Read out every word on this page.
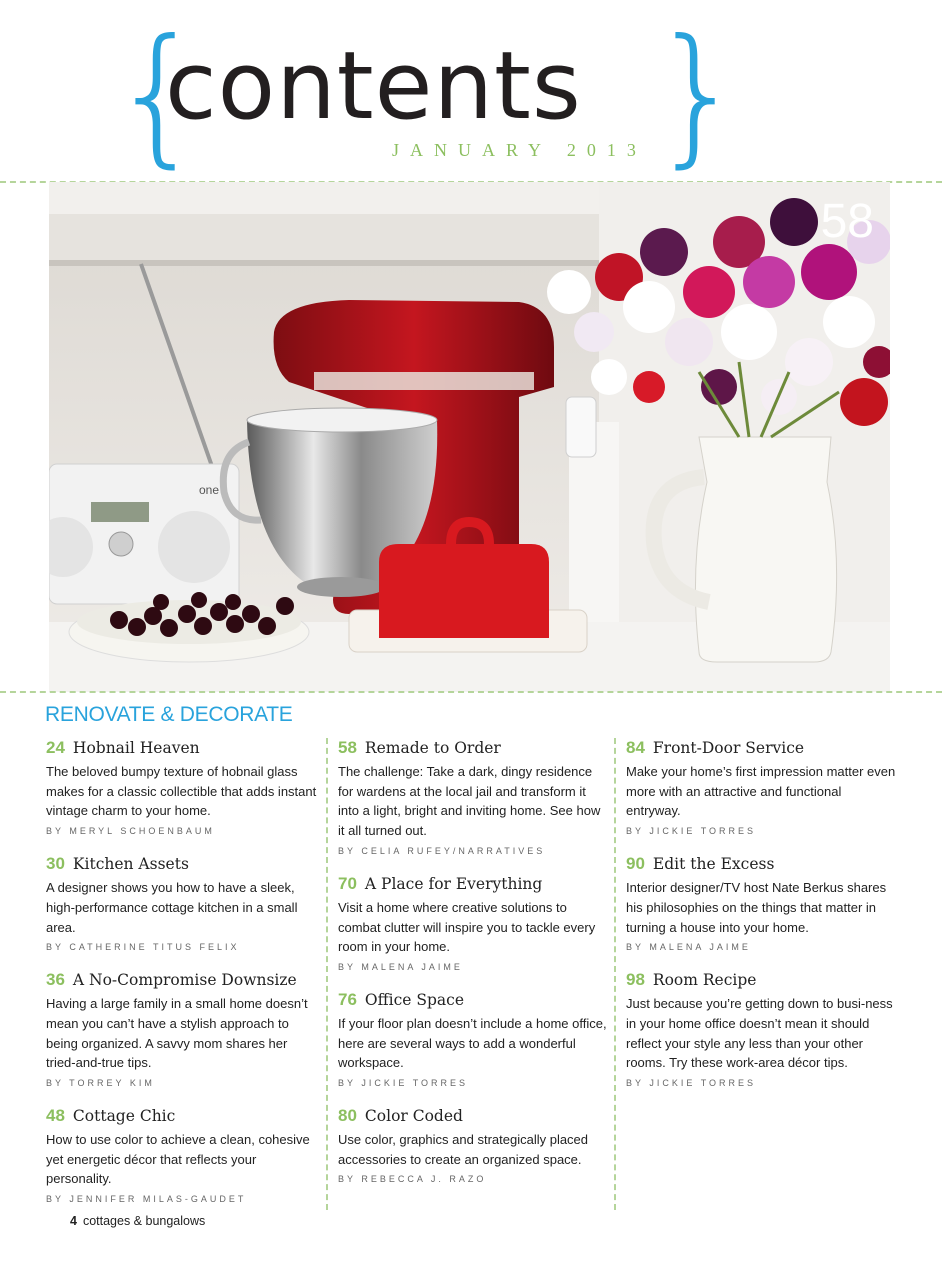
{
contents }
JANUARY 2013
one
58
RENOVATE & DECORATE
24 Hobnail Heaven

The beloved bumpy texture of hobnail glass makes for a classic collectible that adds instant vintage charm to your home.

BY MERYL SCHOENBAUM
30 Kitchen Assets

A designer shows you how to have a sleek, high-performance cottage kitchen in a small area.

BY CATHERINE TITUS FELIX
36 A No-Compromise Downsize

Having a large family in a small home doesn’t mean you can’t have a stylish approach to being organized. A savvy mom shares her tried-and-true tips.

BY TORREY KIM
48 Cottage Chic

How to use color to achieve a clean, cohesive yet energetic décor that reflects your personality.

BY JENNIFER MILAS-GAUDET
58 Remade to Order

The challenge: Take a dark, dingy residence for wardens at the local jail and transform it into a light, bright and inviting home. See how it all turned out.

BY CELIA RUFEY/NARRATIVES
70 A Place for Everything

Visit a home where creative solutions to combat clutter will inspire you to tackle every room in your home.

BY MALENA JAIME
76 Office Space

If your floor plan doesn’t include a home office, here are several ways to add a wonderful workspace.

BY JICKIE TORRES
80 Color Coded

Use color, graphics and strategically placed accessories to create an organized space.

BY REBECCA J. RAZO
84 Front-Door Service

Make your home’s first impression matter even more with an attractive and functional entryway.

BY JICKIE TORRES
90 Edit the Excess

Interior designer/TV host Nate Berkus shares his philosophies on the things that matter in turning a house into your home.

BY MALENA JAIME
98 Room Recipe

Just because you’re getting down to busi-ness in your home office doesn’t mean it should reflect your style any less than your other rooms. Try these work-area décor tips.

BY JICKIE TORRES
4 cottages & bungalows
